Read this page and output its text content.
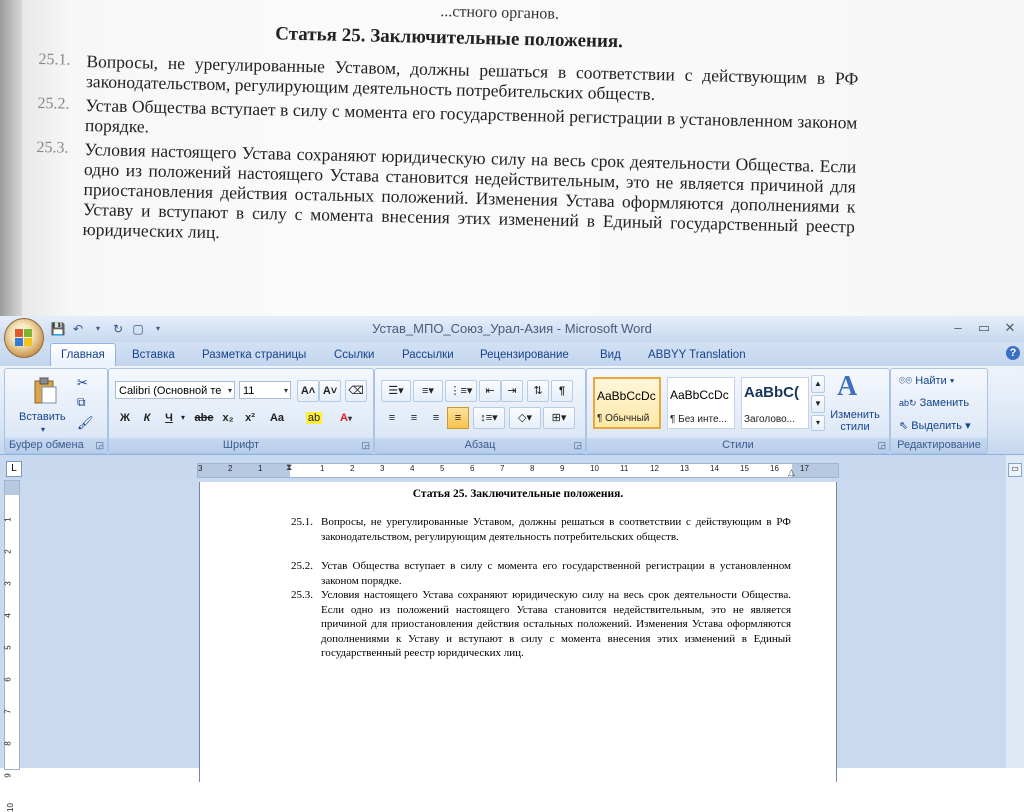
...стного органов.
Статья 25. Заключительные положения.
25.1. Вопросы, не урегулированные Уставом, должны решаться в соответствии с действующим в РФ законодательством, регулирующим деятельность потребительских обществ.
25.2. Устав Общества вступает в силу с момента его государственной регистрации в установленном законом порядке.
25.3. Условия настоящего Устава сохраняют юридическую силу на весь срок деятельности Общества. Если одно из положений настоящего Устава становится недействительным, это не является причиной для приостановления действия остальных положений. Изменения Устава оформляются дополнениями к Уставу и вступают в силу с момента внесения этих изменений в Единый государственный реестр юридических лиц.
Устав_МПО_Союз_Урал-Азия - Microsoft Word
💾 ↶	▾	↻ ▢	▾	–	▭ ✕
Главная	Вставка Разметка страницы Ссылки Рассылки Рецензирование	Вид ABBYY Translation	?
Вставить
▾
✂
⧉
🖌
Буфер обмена	◲
Calibri (Основной те ▾	11	▾	A˄ A˅	⌫
Ж	К	Ч	▾ abe x₂	x²	Aa	ab	A▾
Шрифт	◲
☰▾	≡▾	⋮≡▾	⇤	⇥	⇅	¶
≡	≡	≡	≡	↕≡▾	◇▾	⊞▾
Абзац	◲
AaBbCcDc
¶ Обычный
AaBbCcDc
¶ Без инте...
AaBbC(
Заголово...
▲
▼
▾
A
Изменить стили
Стили	◲
⌾⌾ Найти ▾
ab↻ Заменить
⇖ Выделить ▾
Редактирование
L	3	2	1	1	2	3	4	5	6	7	8	9	10	11	12	13	14	15	16	17
⧗	△
1
2
3
4
5
6
7
8
9
10
▭
Статья 25. Заключительные положения.
25.1. Вопросы, не урегулированные Уставом, должны решаться в соответствии с действующим в РФ законодательством, регулирующим деятельность потребительских обществ.
25.2. Устав Общества вступает в силу с момента его государственной регистрации в установленном законом порядке.
25.3. Условия настоящего Устава сохраняют юридическую силу на весь срок деятельности Общества. Если одно из положений настоящего Устава становится недействительным, это не является причиной для приостановления действия остальных положений. Изменения Устава оформляются дополнениями к Уставу и вступают в силу с момента внесения этих изменений в Единый государственный реестр юридических лиц.
